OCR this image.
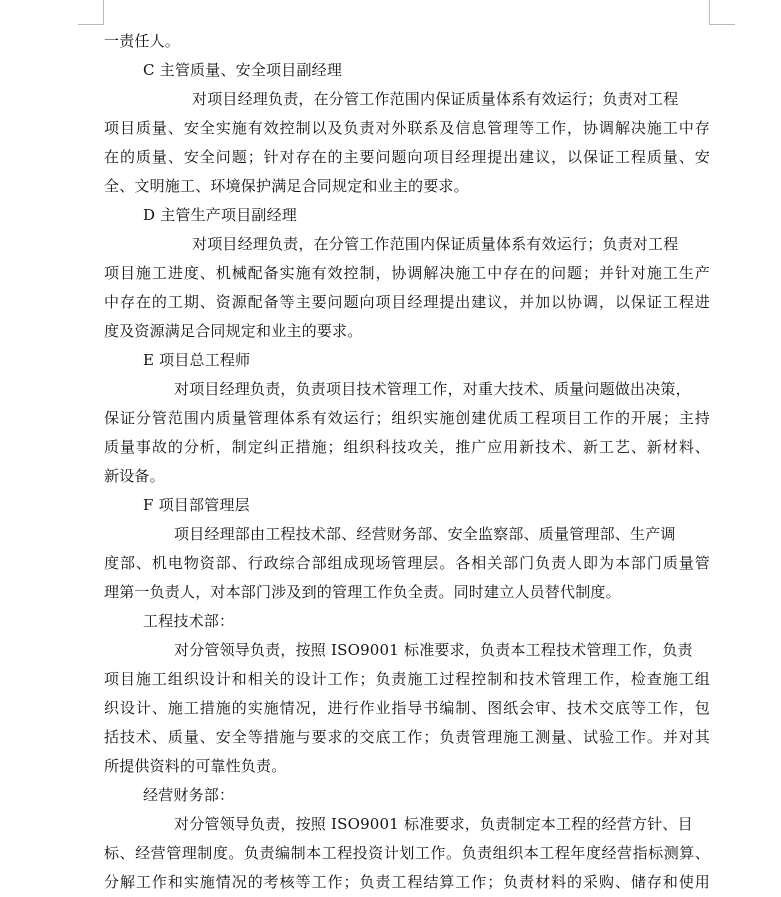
一责任人。
C 主管质量、安全项目副经理
对项目经理负责，在分管工作范围内保证质量体系有效运行；负责对工程
项目质量、安全实施有效控制以及负责对外联系及信息管理等工作，协调解决施工中存
在的质量、安全问题；针对存在的主要问题向项目经理提出建议，以保证工程质量、安
全、文明施工、环境保护满足合同规定和业主的要求。
D 主管生产项目副经理
对项目经理负责，在分管工作范围内保证质量体系有效运行；负责对工程
项目施工进度、机械配备实施有效控制，协调解决施工中存在的问题；并针对施工生产
中存在的工期、资源配备等主要问题向项目经理提出建议，并加以协调，以保证工程进
度及资源满足合同规定和业主的要求。
E 项目总工程师
对项目经理负责，负责项目技术管理工作，对重大技术、质量问题做出决策，
保证分管范围内质量管理体系有效运行；组织实施创建优质工程项目工作的开展；主持
质量事故的分析，制定纠正措施；组织科技攻关，推广应用新技术、新工艺、新材料、
新设备。
F 项目部管理层
项目经理部由工程技术部、经营财务部、安全监察部、质量管理部、生产调
度部、机电物资部、行政综合部组成现场管理层。各相关部门负责人即为本部门质量管
理第一负责人，对本部门涉及到的管理工作负全责。同时建立人员替代制度。
工程技术部：
对分管领导负责，按照 ISO9001 标准要求，负责本工程技术管理工作，负责
项目施工组织设计和相关的设计工作；负责施工过程控制和技术管理工作，检查施工组
织设计、施工措施的实施情况，进行作业指导书编制、图纸会审、技术交底等工作，包
括技术、质量、安全等措施与要求的交底工作；负责管理施工测量、试验工作。并对其
所提供资料的可靠性负责。
经营财务部：
对分管领导负责，按照 ISO9001 标准要求，负责制定本工程的经营方针、目
标、经营管理制度。负责编制本工程投资计划工作。负责组织本工程年度经营指标测算、
分解工作和实施情况的考核等工作；负责工程结算工作；负责材料的采购、储存和使用
